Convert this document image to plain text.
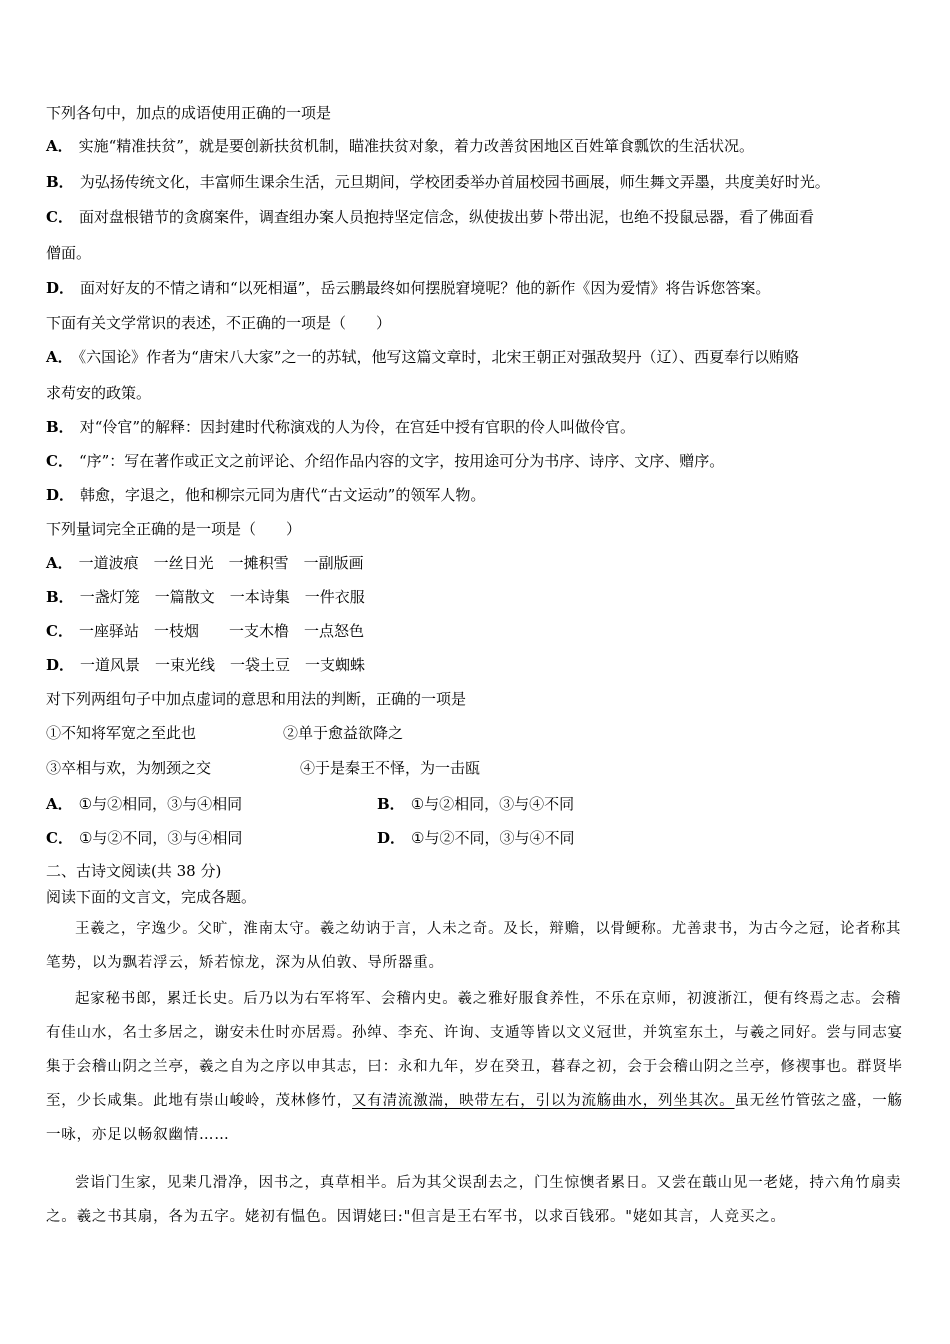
下列各句中，加点的成语使用正确的一项是
A． 实施“精准扶贫”，就是要创新扶贫机制，瞄准扶贫对象，着力改善贫困地区百姓箪食瓢饮的生活状况。
B． 为弘扬传统文化，丰富师生课余生活，元旦期间，学校团委举办首届校园书画展，师生舞文弄墨，共度美好时光。
C． 面对盘根错节的贪腐案件，调查组办案人员抱持坚定信念，纵使拔出萝卜带出泥，也绝不投鼠忌器，看了佛面看
僧面。
D． 面对好友的不情之请和“以死相逼”，岳云鹏最终如何摆脱窘境呢？他的新作《因为爱情》将告诉您答案。
下面有关文学常识的表述，不正确的一项是（　　）
A． 《六国论》作者为“唐宋八大家”之一的苏轼，他写这篇文章时，北宋王朝正对强敌契丹（辽）、西夏奉行以贿赂
求苟安的政策。
B． 对“伶官”的解释：因封建时代称演戏的人为伶，在宫廷中授有官职的伶人叫做伶官。
C． “序”：写在著作或正文之前评论、介绍作品内容的文字，按用途可分为书序、诗序、文序、赠序。
D． 韩愈，字退之，他和柳宗元同为唐代“古文运动”的领军人物。
下列量词完全正确的是一项是（　　）
A． 一道波痕　一丝日光　一摊积雪　一副版画
B． 一盏灯笼　一篇散文　一本诗集　一件衣服
C． 一座驿站　一枝烟　　一支木橹　一点怒色
D． 一道风景　一束光线　一袋土豆　一支蜘蛛
对下列两组句子中加点虚词的意思和用法的判断，正确的一项是
①不知将军宽之至此也	②单于愈益欲降之
③卒相与欢，为刎颈之交	④于是秦王不怿，为一击瓯
A． ①与②相同，③与④相同	B． ①与②相同，③与④不同
C． ①与②不同，③与④相同	D． ①与②不同，③与④不同
二、古诗文阅读(共 38 分)
阅读下面的文言文，完成各题。
王羲之，字逸少。父旷，淮南太守。羲之幼讷于言，人未之奇。及长，辩赡，以骨鲠称。尤善隶书，为古今之冠，论者称其笔势，以为飘若浮云，矫若惊龙，深为从伯敦、导所器重。
起家秘书郎，累迁长史。后乃以为右军将军、会稽内史。羲之雅好服食养性，不乐在京师，初渡浙江，便有终焉之志。会稽有佳山水，名士多居之，谢安未仕时亦居焉。孙绰、李充、许询、支遁等皆以文义冠世，并筑室东土，与羲之同好。尝与同志宴集于会稽山阴之兰亭，羲之自为之序以申其志，曰：永和九年，岁在癸丑，暮春之初，会于会稽山阴之兰亭，修禊事也。群贤毕至，少长咸集。此地有崇山峻岭，茂林修竹，又有清流激湍，映带左右，引以为流觞曲水，列坐其次。虽无丝竹管弦之盛，一觞一咏，亦足以畅叙幽情……
尝诣门生家，见棐几滑净，因书之，真草相半。后为其父误刮去之，门生惊懊者累日。又尝在蕺山见一老姥，持六角竹扇卖之。羲之书其扇，各为五字。姥初有愠色。因谓姥曰:"但言是王右军书，以求百钱邪。"姥如其言，人竞买之。
